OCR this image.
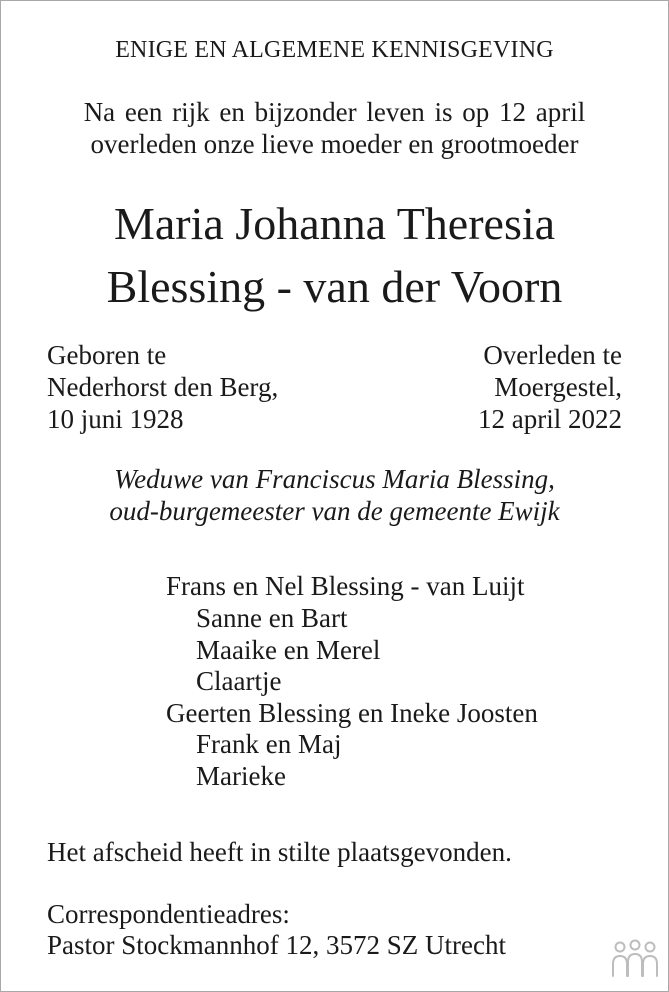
ENIGE EN ALGEMENE KENNISGEVING
Na een rijk en bijzonder leven is op 12 april
overleden onze lieve moeder en grootmoeder
Maria Johanna Theresia
Blessing - van der Voorn
Geboren te
Nederhorst den Berg,
10 juni 1928
Overleden te
Moergestel,
12 april 2022
Weduwe van Franciscus Maria Blessing,
oud-burgemeester van de gemeente Ewijk
Frans en Nel Blessing - van Luijt
Sanne en Bart
Maaike en Merel
Claartje
Geerten Blessing en Ineke Joosten
Frank en Maj
Marieke
Het afscheid heeft in stilte plaatsgevonden.
Correspondentieadres:
Pastor Stockmannhof 12, 3572 SZ Utrecht
